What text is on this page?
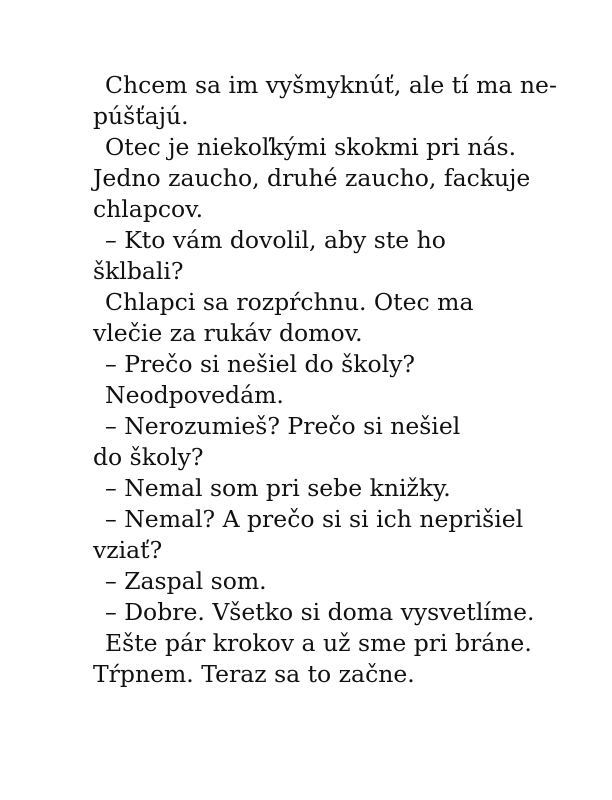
Chcem sa im vyšmyknúť, ale tí ma ne-
púšťajú.
Otec je niekoľkými skokmi pri nás.
Jedno zaucho, druhé zaucho, fackuje
chlapcov.
– Kto vám dovolil, aby ste ho
šklbali?
Chlapci sa rozpŕchnu. Otec ma
vlečie za rukáv domov.
– Prečo si nešiel do školy?
Neodpovedám.
– Nerozumieš? Prečo si nešiel
do školy?
– Nemal som pri sebe knižky.
– Nemal? A prečo si si ich neprišiel
vziať?
– Zaspal som.
– Dobre. Všetko si doma vysvetlíme.
Ešte pár krokov a už sme pri bráne.
Tŕpnem. Teraz sa to začne.
